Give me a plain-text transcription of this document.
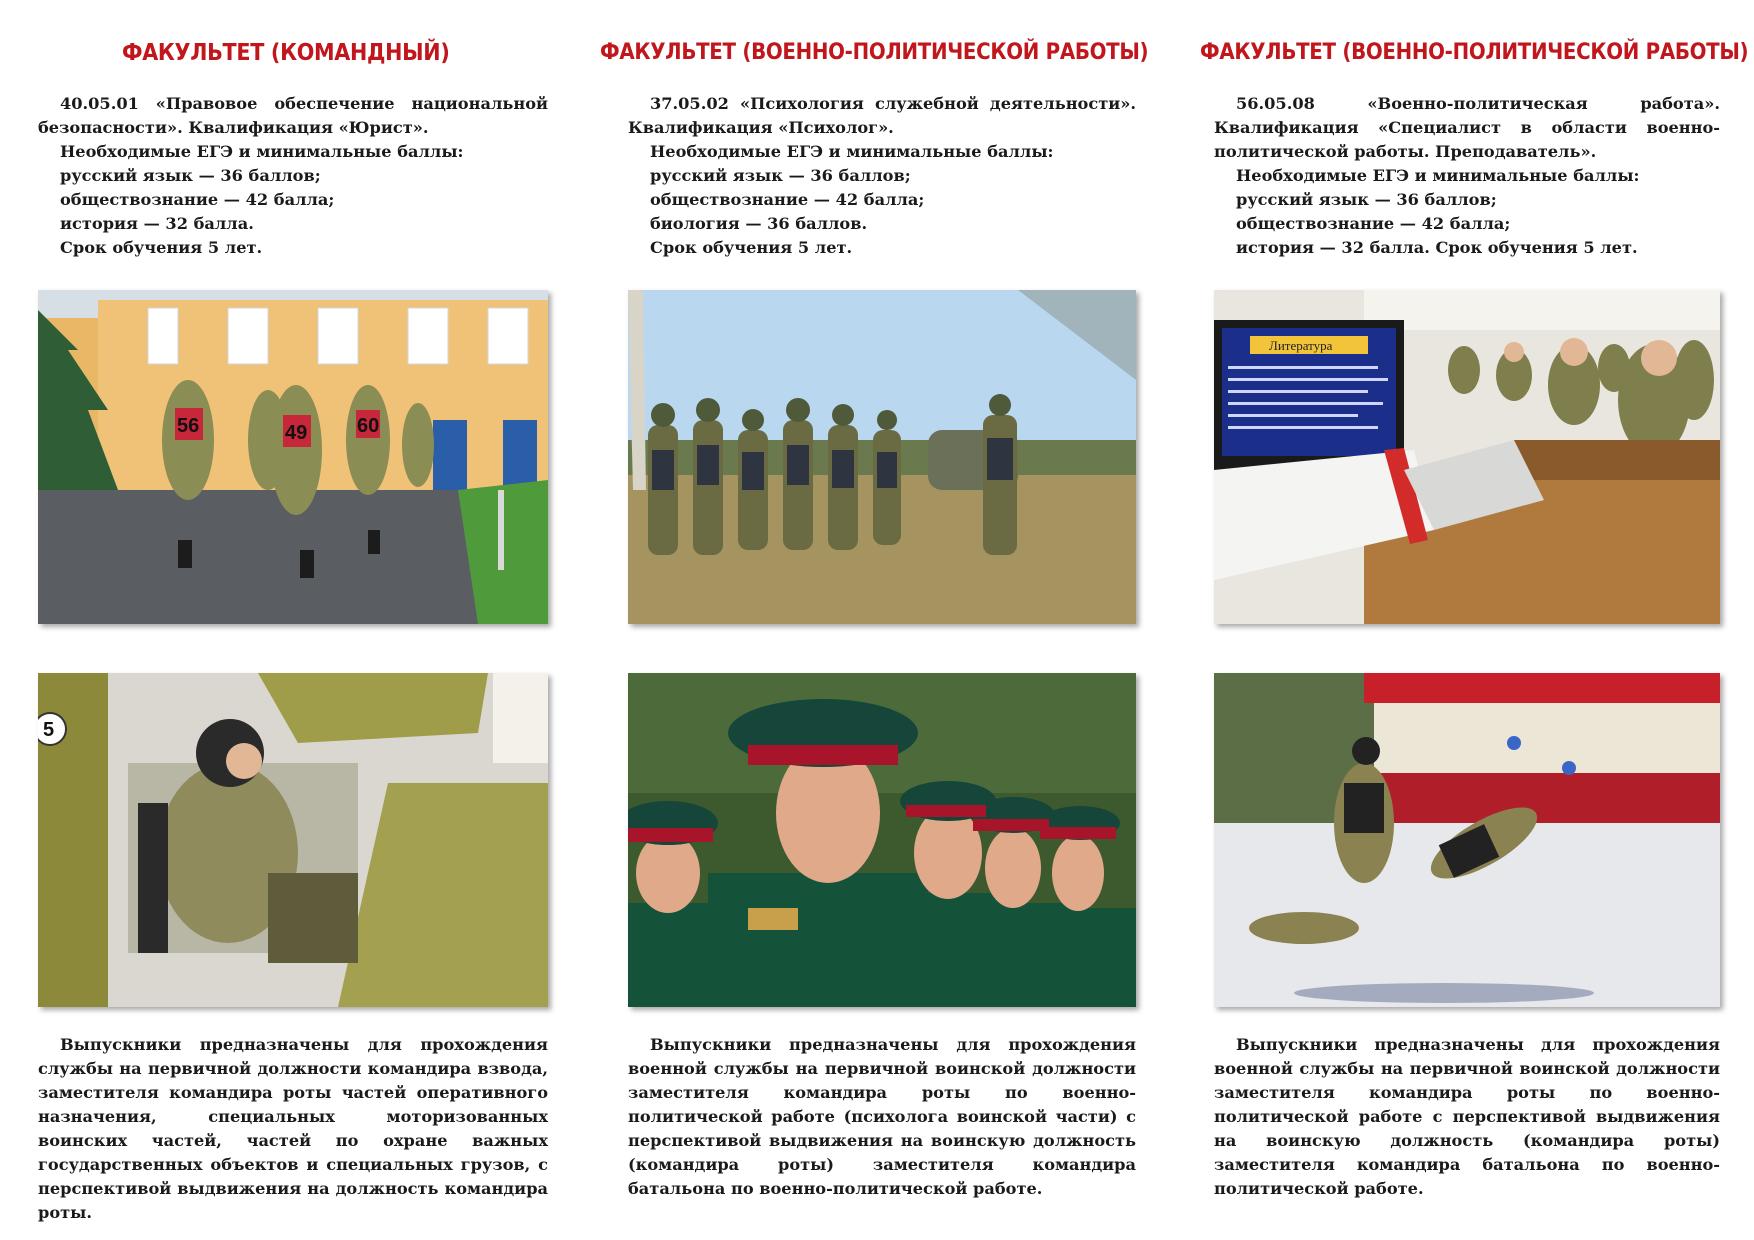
ФАКУЛЬТЕТ (КОМАНДНЫЙ)

40.05.01 «Правовое обеспечение национальной безопасности». Квалификация «Юрист».

Необходимые ЕГЭ и минимальные баллы:
русский язык — 36 баллов;
обществознание — 42 балла;
история — 32 балла.
Срок обучения 5 лет.
56	49 60
5

Выпускники предназначены для прохождения службы на первичной должности командира взвода, заместителя командира роты частей оперативного назначения, специальных моторизованных воинских частей, частей по охране важных государственных объектов и специальных грузов, с перспективой выдвижения на должность командира роты.

ФАКУЛЬТЕТ (ВОЕННО-ПОЛИТИЧЕСКОЙ РАБОТЫ)

37.05.02 «Психология служебной деятельности». Квалификация «Психолог».

Необходимые ЕГЭ и минимальные баллы:
русский язык — 36 баллов;
обществознание — 42 балла;
биология — 36 баллов.
Срок обучения 5 лет.

Выпускники предназначены для прохождения военной службы на первичной воинской должности заместителя командира роты по военно-политической работе (психолога воинской части) с перспективой выдвижения на воинскую должность (командира роты) заместителя командира батальона по военно-политической работе.

ФАКУЛЬТЕТ (ВОЕННО-ПОЛИТИЧЕСКОЙ РАБОТЫ)

56.05.08 «Военно-политическая работа». Квалификация «Специалист в области военно-политической работы. Преподаватель».

Необходимые ЕГЭ и минимальные баллы:
русский язык — 36 баллов;
обществознание — 42 балла;
история — 32 балла. Срок обучения 5 лет.
Литература

Выпускники предназначены для прохождения военной службы на первичной воинской должности заместителя командира роты по военно-политической работе с перспективой выдвижения на воинскую должность (командира роты) заместителя командира батальона по военно-политической работе.
